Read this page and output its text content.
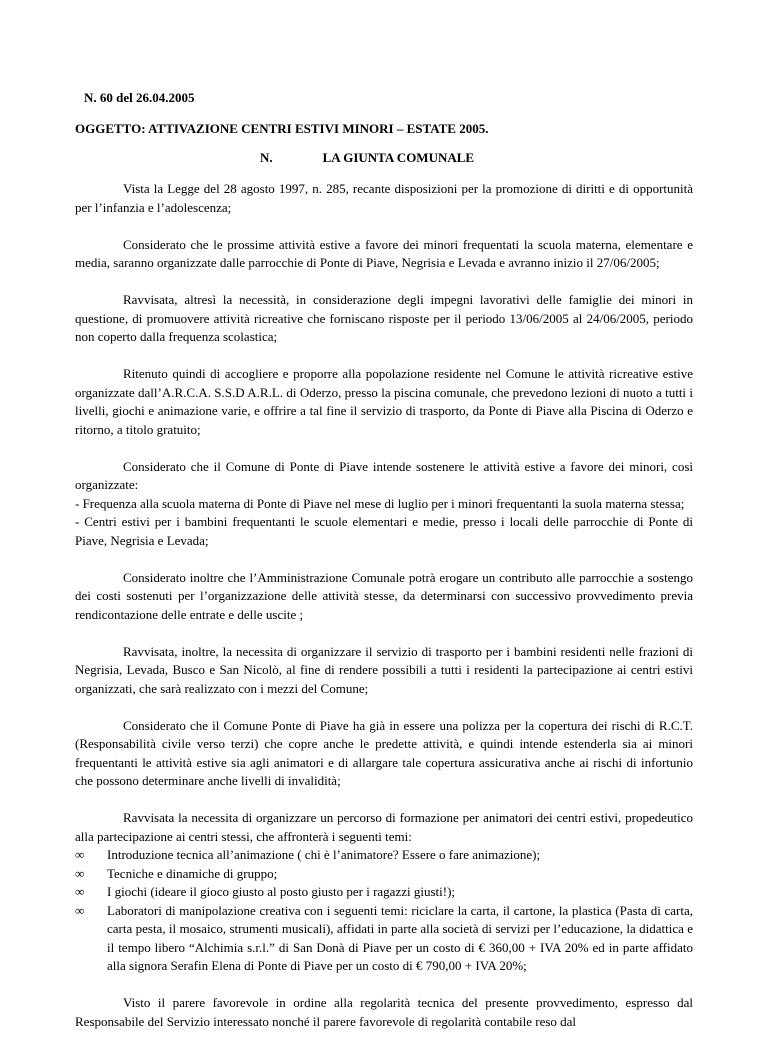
N. 60 del 26.04.2005
OGGETTO: ATTIVAZIONE CENTRI ESTIVI MINORI – ESTATE 2005.
N.	LA GIUNTA COMUNALE

Vista la Legge del 28 agosto 1997, n. 285, recante disposizioni per la promozione di diritti e di opportunità per l’infanzia e l’adolescenza;

Considerato che le prossime attività estive a favore dei minori frequentati la scuola materna, elementare e media, saranno organizzate dalle parrocchie di Ponte di Piave, Negrisia e Levada e avranno inizio il 27/06/2005;

Ravvisata, altresì la necessità, in considerazione degli impegni lavorativi delle famiglie dei minori in questione, di promuovere attività ricreative che forniscano risposte per il periodo 13/06/2005 al 24/06/2005, periodo non coperto dalla frequenza scolastica;

Ritenuto quindi di accogliere e proporre alla popolazione residente nel Comune le attività ricreative estive organizzate dall’A.R.C.A. S.S.D A.R.L. di Oderzo, presso la piscina comunale, che prevedono lezioni di nuoto a tutti i livelli, giochi e animazione varie, e offrire a tal fine il servizio di trasporto, da Ponte di Piave alla Piscina di Oderzo e ritorno, a titolo gratuito;

Considerato che il Comune di Ponte di Piave intende sostenere le attività estive a favore dei minori, così organizzate:

- Frequenza alla scuola materna di Ponte di Piave nel mese di luglio per i minori frequentanti la suola materna stessa;

- Centri estivi per i bambini frequentanti le scuole elementari e medie, presso i locali delle parrocchie di Ponte di Piave, Negrisia e Levada;

Considerato inoltre che l’Amministrazione Comunale potrà erogare un contributo alle parrocchie a sostengo dei costi sostenuti per l’organizzazione delle attività stesse, da determinarsi con successivo provvedimento previa rendicontazione delle entrate e delle uscite ;

Ravvisata, inoltre, la necessita di organizzare il servizio di trasporto per i bambini residenti nelle frazioni di Negrisia, Levada, Busco e San Nicolò, al fine di rendere possibili a tutti i residenti la partecipazione ai centri estivi organizzati, che sarà realizzato con i mezzi del Comune;

Considerato che il Comune Ponte di Piave ha già in essere una polizza per la copertura dei rischi di R.C.T. (Responsabilità civile verso terzi) che copre anche le predette attività, e quindi intende estenderla sia ai minori frequentanti le attività estive sia agli animatori e di allargare tale copertura assicurativa anche ai rischi di infortunio che possono determinare anche livelli di invalidità;

Ravvisata la necessita di organizzare un percorso di formazione per animatori dei centri estivi, propedeutico alla partecipazione ai centri stessi, che affronterà i seguenti temi:

∞	Introduzione tecnica all’animazione ( chi è l’animatore? Essere o fare animazione);
∞	Tecniche e dinamiche di gruppo;
∞	I giochi (ideare il gioco giusto al posto giusto per i ragazzi giusti!);
∞	Laboratori di manipolazione creativa con i seguenti temi: riciclare la carta, il cartone, la plastica (Pasta di carta, carta pesta, il mosaico, strumenti musicali), affidati in parte alla società di servizi per l’educazione, la didattica e il tempo libero “Alchimia s.r.l.” di San Donà di Piave per un costo di € 360,00 + IVA 20% ed in parte affidato alla signora Serafin Elena di Ponte di Piave per un costo di € 790,00 + IVA 20%;

Visto il parere favorevole in ordine alla regolarità tecnica del presente provvedimento, espresso dal Responsabile del Servizio interessato nonché il parere favorevole di regolarità contabile reso dal
